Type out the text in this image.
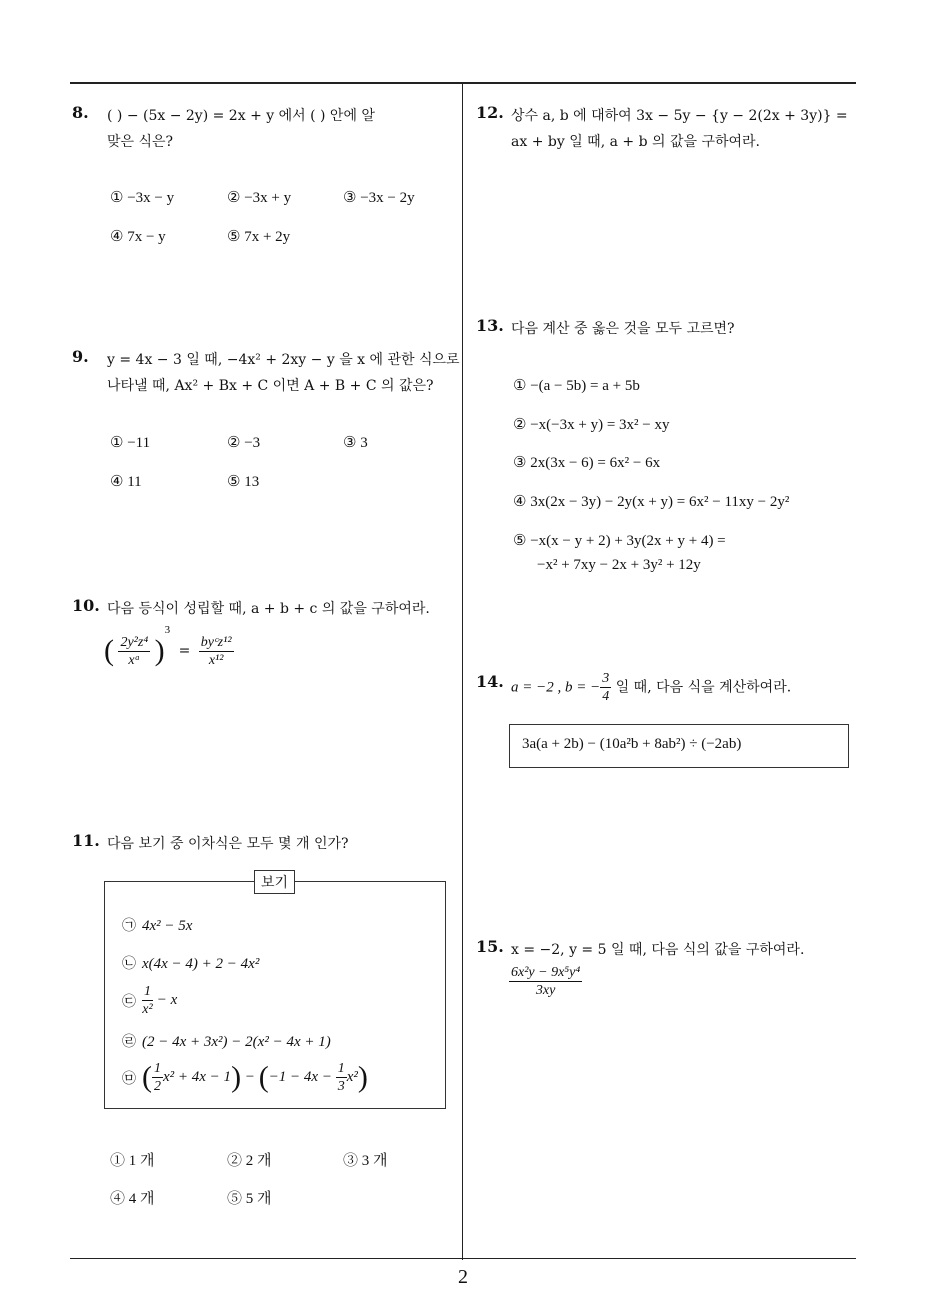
8. ( ) − (5x − 2y) = 2x + y 에서 ( ) 안에 알
맞은 식은?
① −3x − y	② −3x + y	③ −3x − 2y
④ 7x − y	⑤ 7x + 2y
9. y = 4x − 3 일 때, −4x² + 2xy − y 을 x 에 관한 식으로
나타낼 때, Ax² + Bx + C 이면 A + B + C 의 값은?
① −11	② −3	③ 3
④ 11	⑤ 13
10. 다음 등식이 성립할 때, a + b + c 의 값을 구하여라.
( $\frac{\text{2y²z⁴}}{\text{xᵃ}} )^3 = \frac{\text{byᶜz¹²}}{\text{x¹²}}$
11. 다음 보기 중 이차식은 모두 몇 개 인가?
보기
㉠ 4x² − 5x
㉡ x(4x − 4) + 2 − 4x²
㉢ $\frac{1}{\text{x²}} - x$
㉣ (2 − 4x + 3x²) − 2(x² − 4x + 1)
㉤ ( $\frac{1}{2} x^2 + 4x - 1) - (-1 - 4x - \frac{1}{3} x^2)$
① 1 개	② 2 개	③ 3 개
④ 4 개	⑤ 5 개
12. 상수 a, b 에 대하여 3x − 5y − {y − 2(2x + 3y)} =
ax + by 일 때, a + b 의 값을 구하여라.
13. 다음 계산 중 옳은 것을 모두 고르면?
① −(a − 5b) = a + 5b
② −x(−3x + y) = 3x² − xy
③ 2x(3x − 6) = 6x² − 6x
④ 3x(2x − 3y) − 2y(x + y) = 6x² − 11xy − 2y²
⑤ −x(x − y + 2) + 3y(2x + y + 4) =
−x² + 7xy − 2x + 3y² + 12y
14. a = −2 , b = − $\frac{3}{4}$ 일 때, 다음 식을 계산하여라.
3a(a + 2b) − (10a²b + 8ab²) ÷ (−2ab)
15. x = −2, y = 5 일 때, 다음 식의 값을 구하여라.
$\frac{\text{6x²y − 9x⁵y⁴}}{3xy}$
2
